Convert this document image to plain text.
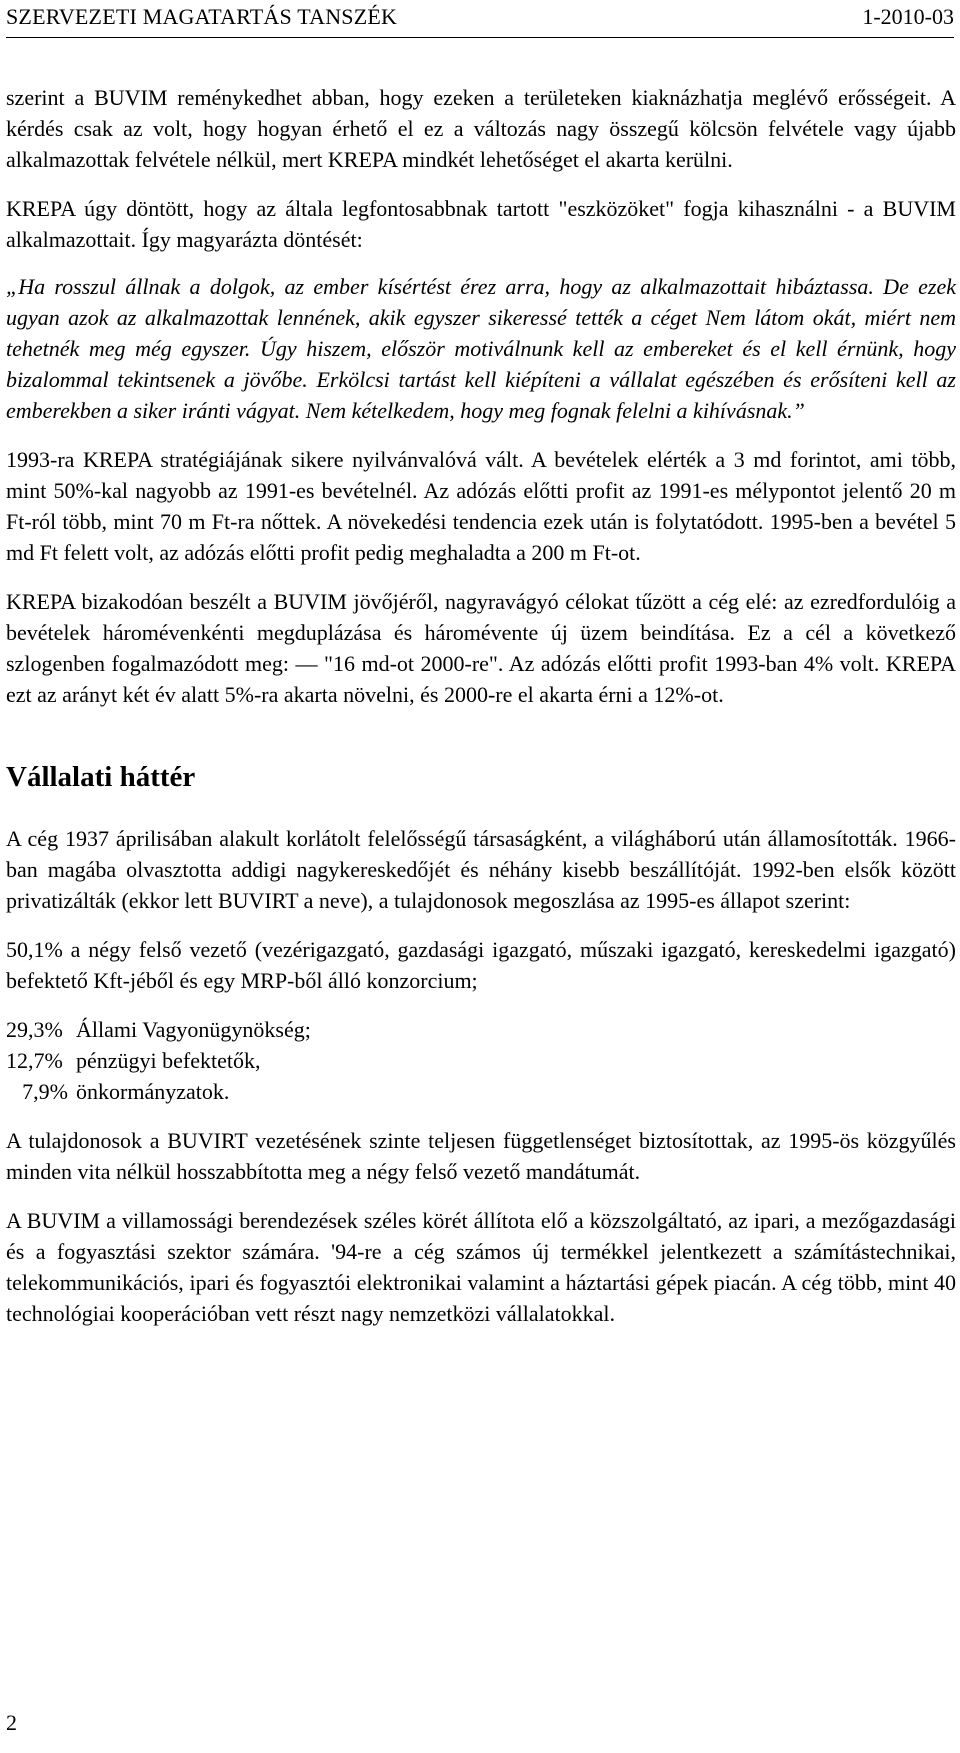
SZERVEZETI MAGATARTÁS TANSZÉK	1-2010-03

szerint a BUVIM reménykedhet abban, hogy ezeken a területeken kiaknázhatja meglévő erősségeit. A kérdés csak az volt, hogy hogyan érhető el ez a változás nagy összegű kölcsön felvétele vagy újabb alkalmazottak felvétele nélkül, mert KREPA mindkét lehetőséget el akarta kerülni.

KREPA úgy döntött, hogy az általa legfontosabbnak tartott "eszközöket" fogja kihasználni - a BUVIM alkalmazottait. Így magyarázta döntését:

„Ha rosszul állnak a dolgok, az ember kísértést érez arra, hogy az alkalmazottait hibáztassa. De ezek ugyan azok az alkalmazottak lennének, akik egyszer sikeressé tették a céget Nem látom okát, miért nem tehetnék meg még egyszer. Úgy hiszem, először motiválnunk kell az embereket és el kell érnünk, hogy bizalommal tekintsenek a jövőbe. Erkölcsi tartást kell kiépíteni a vállalat egészében és erősíteni kell az emberekben a siker iránti vágyat. Nem kételkedem, hogy meg fognak felelni a kihívásnak.”

1993-ra KREPA stratégiájának sikere nyilvánvalóvá vált. A bevételek elérték a 3 md forintot, ami több, mint 50%-kal nagyobb az 1991-es bevételnél. Az adózás előtti profit az 1991-es mélypontot jelentő 20 m Ft-ról több, mint 70 m Ft-ra nőttek. A növekedési tendencia ezek után is folytatódott. 1995-ben a bevétel 5 md Ft felett volt, az adózás előtti profit pedig meghaladta a 200 m Ft-ot.

KREPA bizakodóan beszélt a BUVIM jövőjéről, nagyravágyó célokat tűzött a cég elé: az ezredfordulóig a bevételek háromévenkénti megduplázása és háromévente új üzem beindítása. Ez a cél a következő szlogenben fogalmazódott meg: — "16 md-ot 2000-re". Az adózás előtti profit 1993-ban 4% volt. KREPA ezt az arányt két év alatt 5%-ra akarta növelni, és 2000-re el akarta érni a 12%-ot.

Vállalati háttér

A cég 1937 áprilisában alakult korlátolt felelősségű társaságként, a világháború után államosították. 1966-ban magába olvasztotta addigi nagykereskedőjét és néhány kisebb beszállítóját. 1992-ben elsők között privatizálták (ekkor lett BUVIRT a neve), a tulajdonosok megoszlása az 1995-es állapot szerint:

50,1% a négy felső vezető (vezérigazgató, gazdasági igazgató, műszaki igazgató, kereskedelmi igazgató) befektető Kft-jéből és egy MRP-ből álló konzorcium;

29,3% Állami Vagyonügynökség;
12,7% pénzügyi befektetők,
7,9% önkormányzatok.

A tulajdonosok a BUVIRT vezetésének szinte teljesen függetlenséget biztosítottak, az 1995-ös közgyűlés minden vita nélkül hosszabbította meg a négy felső vezető mandátumát.

A BUVIM a villamossági berendezések széles körét állítota elő a közszolgáltató, az ipari, a mezőgazdasági és a fogyasztási szektor számára. '94-re a cég számos új termékkel jelentkezett a számítástechnikai, telekommunikációs, ipari és fogyasztói elektronikai valamint a háztartási gépek piacán. A cég több, mint 40 technológiai kooperációban vett részt nagy nemzetközi vállalatokkal.

2
